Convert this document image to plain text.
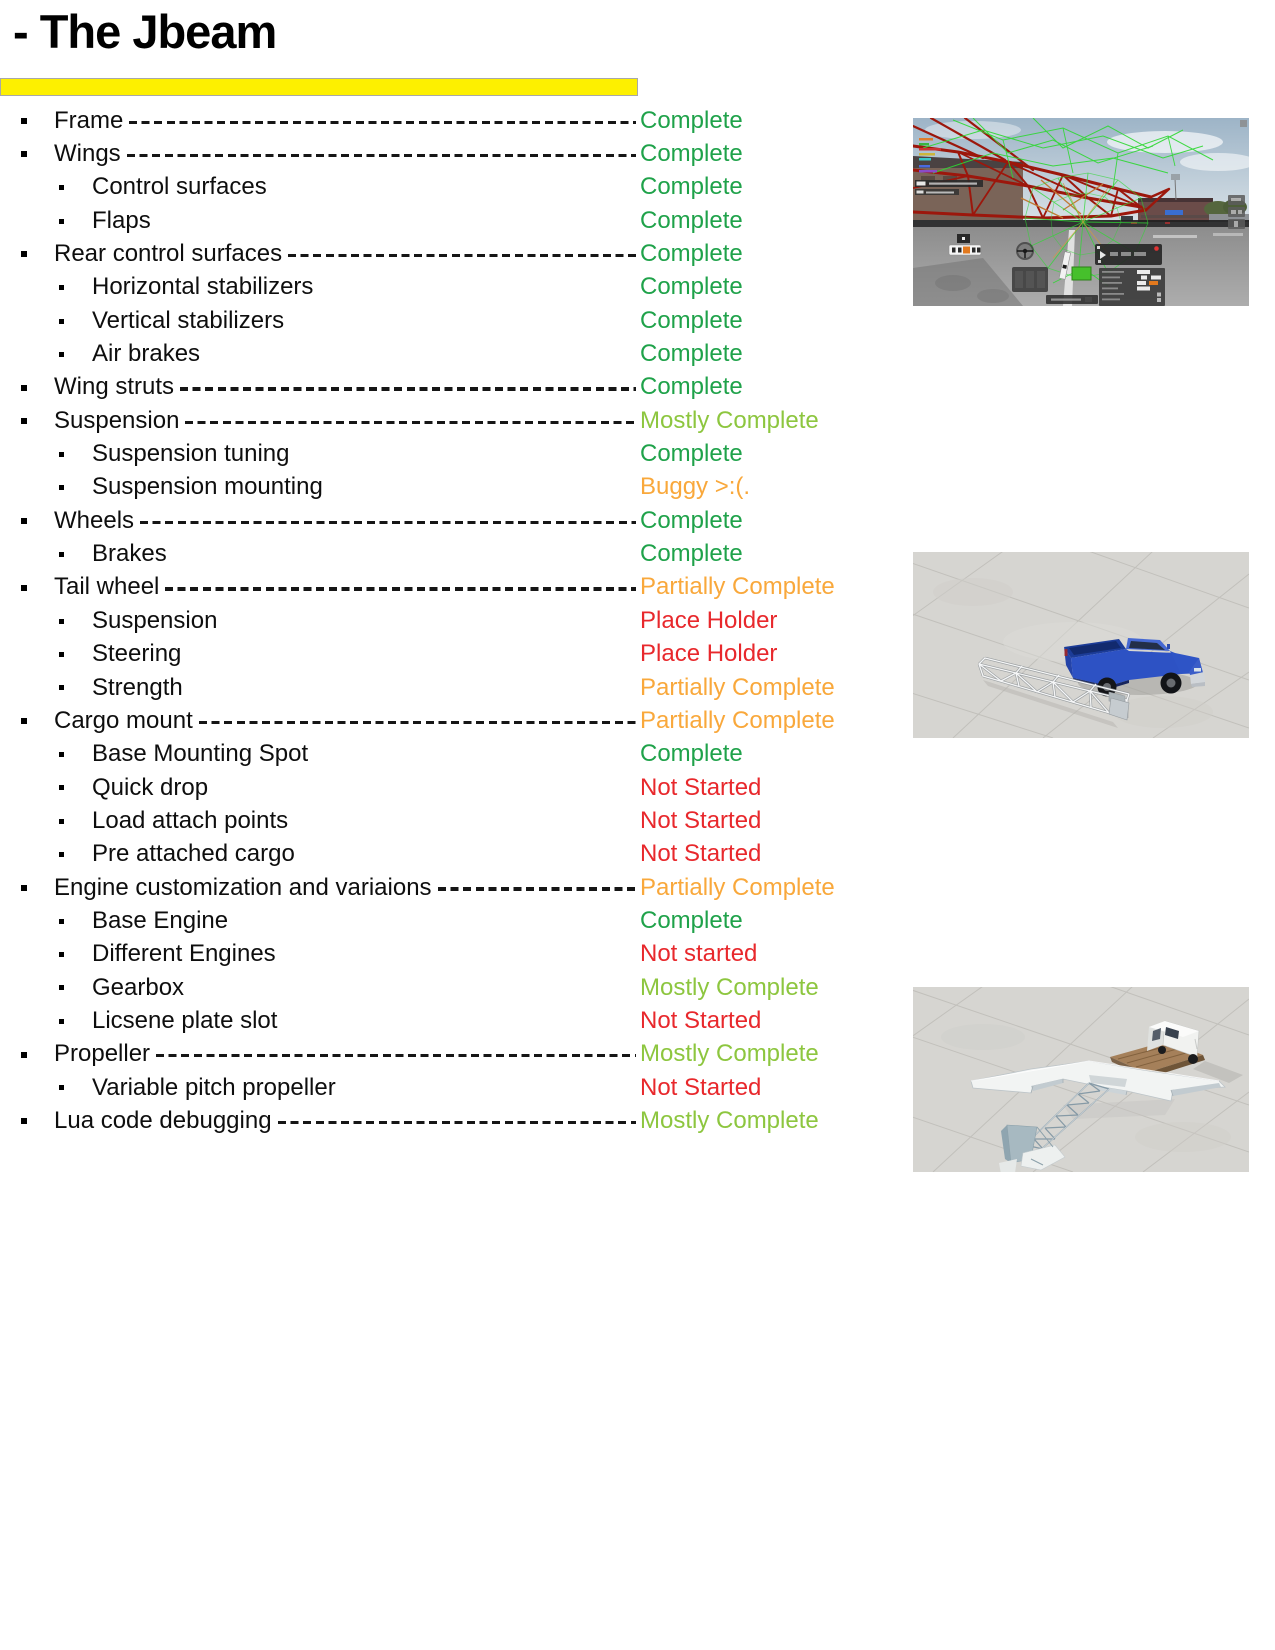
- The Jbeam
Frame	Complete
Wings	Complete
Control surfaces	Complete
Flaps	Complete
Rear control surfaces	Complete
Horizontal stabilizers	Complete
Vertical stabilizers	Complete
Air brakes	Complete
Wing struts	Complete
Suspension	Mostly Complete
Suspension tuning	Complete
Suspension mounting	Buggy >:(.
Wheels	Complete
Brakes	Complete
Tail wheel	Partially Complete
Suspension	Place Holder
Steering	Place Holder
Strength	Partially Complete
Cargo mount	Partially Complete
Base Mounting Spot	Complete
Quick drop	Not Started
Load attach points	Not Started
Pre attached cargo	Not Started
Engine customization and variaions	Partially Complete
Base Engine	Complete
Different Engines	Not started
Gearbox	Mostly Complete
Licsene plate slot	Not Started
Propeller	Mostly Complete
Variable pitch propeller	Not Started
Lua code debugging	Mostly Complete
